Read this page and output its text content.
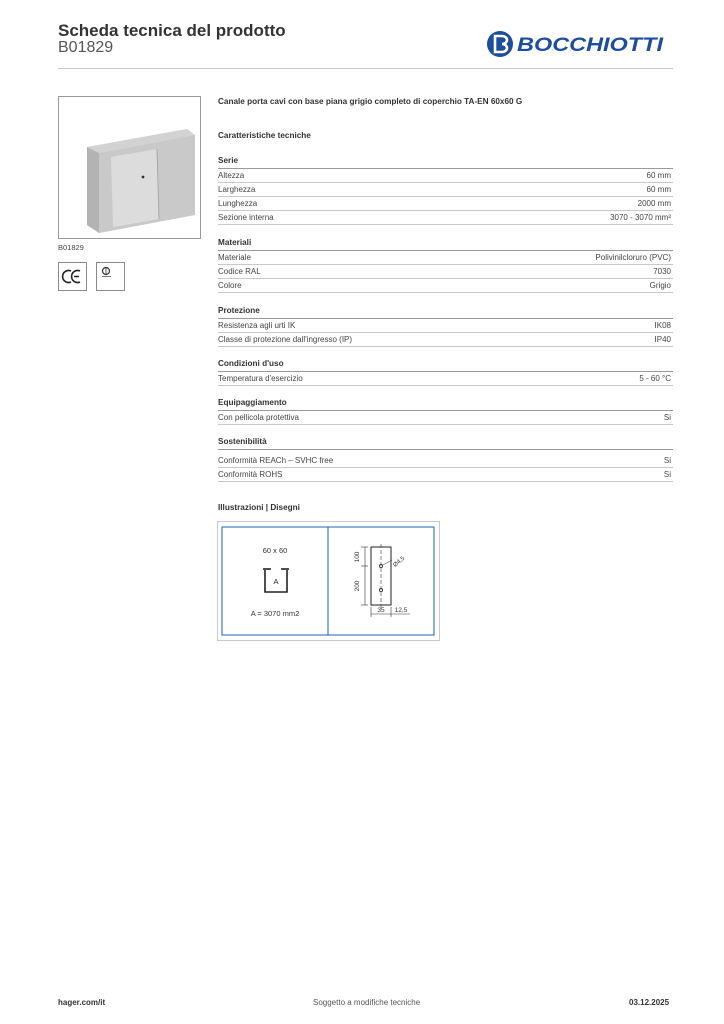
Scheda tecnica del prodotto
B01829	BOCCHIOTTI
B01829
Canale porta cavi con base piana grigio completo di coperchio TA-EN 60x60 G
Caratteristiche tecniche
Serie
Altezza	60 mm
Larghezza	60 mm
Lunghezza	2000 mm
Sezione interna	3070 - 3070 mm²
Materiali
Materiale	Polivinilcloruro (PVC)
Codice RAL	7030
Colore	Grigio
Protezione
Resistenza agli urti IK	IK08
Classe di protezione dall'ingresso (IP)	IP40
Condizioni d'uso
Temperatura d'esercizio	5 - 60 °C
Equipaggiamento
Con pellicola protettiva	Si
Sostenibilità
Conformità REACh – SVHC free	Si
Conformità ROHS	Si
Illustrazioni | Disegni
60 x 60
A
A = 3070 mm2
200
100	Ø4,5
35 12,5
hager.com/it	Soggetto a modifiche tecniche	03.12.2025
